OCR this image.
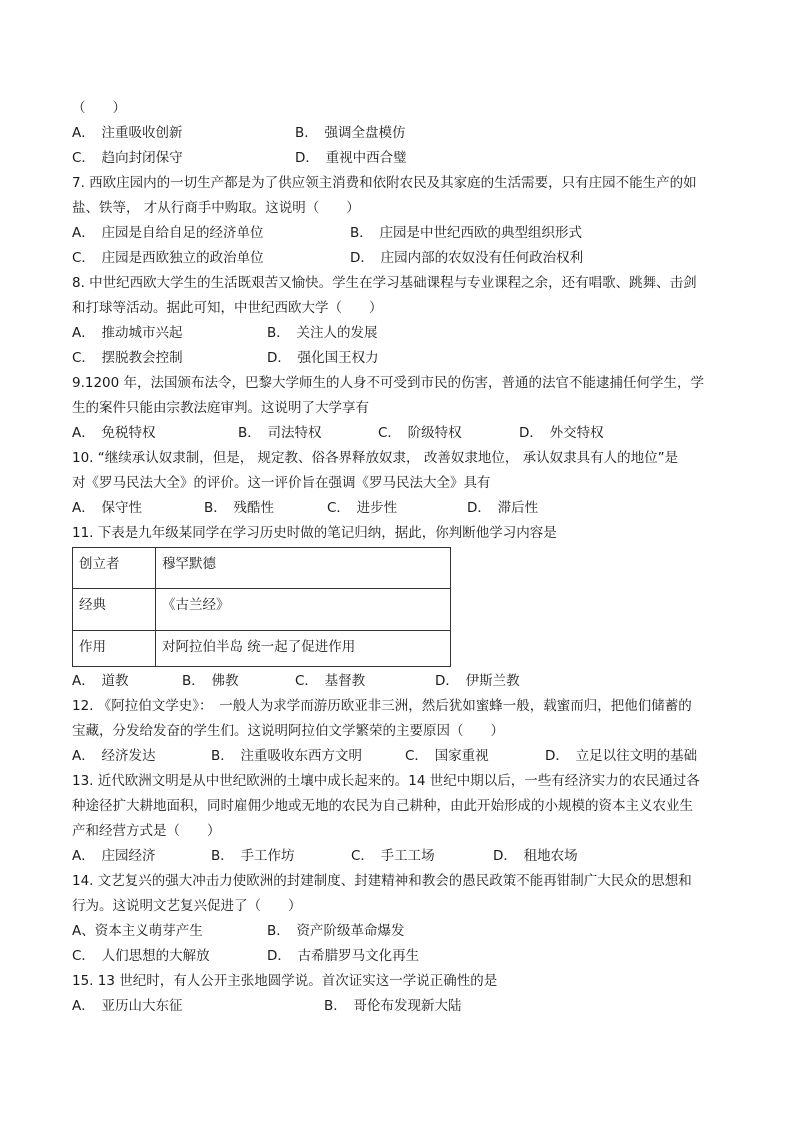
（　　）
A．　注重吸收创新	B．　强调全盘模仿
C．　趋向封闭保守	D．　重视中西合璧
7. 西欧庄园内的一切生产都是为了供应领主消费和依附农民及其家庭的生活需要，只有庄园不能生产的如
盐、铁等， 才从行商手中购取。这说明（　　）
A．　庄园是自给自足的经济单位	B．　庄园是中世纪西欧的典型组织形式
C．　庄园是西欧独立的政治单位	D．　庄园内部的农奴没有任何政治权利
8. 中世纪西欧大学生的生活既艰苦又愉快。学生在学习基础课程与专业课程之余，还有唱歌、跳舞、击剑
和打球等活动。据此可知，中世纪西欧大学（　　）
A．　推动城市兴起	B．　关注人的发展
C．　摆脱教会控制	D．　强化国王权力
9.1200 年，法国颁布法令，巴黎大学师生的人身不可受到市民的伤害，普通的法官不能逮捕任何学生，学
生的案件只能由宗教法庭审判。这说明了大学享有
A．　免税特权	B．　司法特权	C．　阶级特权	D．　外交特权
10. “继续承认奴隶制，但是， 规定教、俗各界释放奴隶， 改善奴隶地位， 承认奴隶具有人的地位”是
对《罗马民法大全》的评价。这一评价旨在强调《罗马民法大全》具有
A．　保守性	B．　残酷性	C．　进步性	D．　滞后性
11. 下表是九年级某同学在学习历史时做的笔记归纳，据此，你判断他学习内容是
创立者	穆罕默德
经典	《古兰经》
作用	对阿拉伯半岛 统一起了促进作用
A．　道教	B．　佛教	C．　基督教	D．　伊斯兰教
12. 《阿拉伯文学史》：　一般人为求学而游历欧亚非三洲，然后犹如蜜蜂一般，载蜜而归，把他们储蓄的
宝藏，分发给发奋的学生们。这说明阿拉伯文学繁荣的主要原因（　　）
A．　经济发达	B．　注重吸收东西方文明	C．　国家重视	D．　立足以往文明的基础
13. 近代欧洲文明是从中世纪欧洲的土壤中成长起来的。14 世纪中期以后，一些有经济实力的农民通过各
种途径扩大耕地面积，同时雇佣少地或无地的农民为自己耕种，由此开始形成的小规模的资本主义农业生
产和经营方式是（　　）
A．　庄园经济	B．　手工作坊	C．　手工工场	D．　租地农场
14. 文艺复兴的强大冲击力使欧洲的封建制度、封建精神和教会的愚民政策不能再钳制广大民众的思想和
行为。这说明文艺复兴促进了（　　）
A、资本主义萌芽产生	B．　资产阶级革命爆发
C．　人们思想的大解放	D．　古希腊罗马文化再生
15. 13 世纪时，有人公开主张地圆学说。首次证实这一学说正确性的是
A．　亚历山大东征	B．　哥伦布发现新大陆
